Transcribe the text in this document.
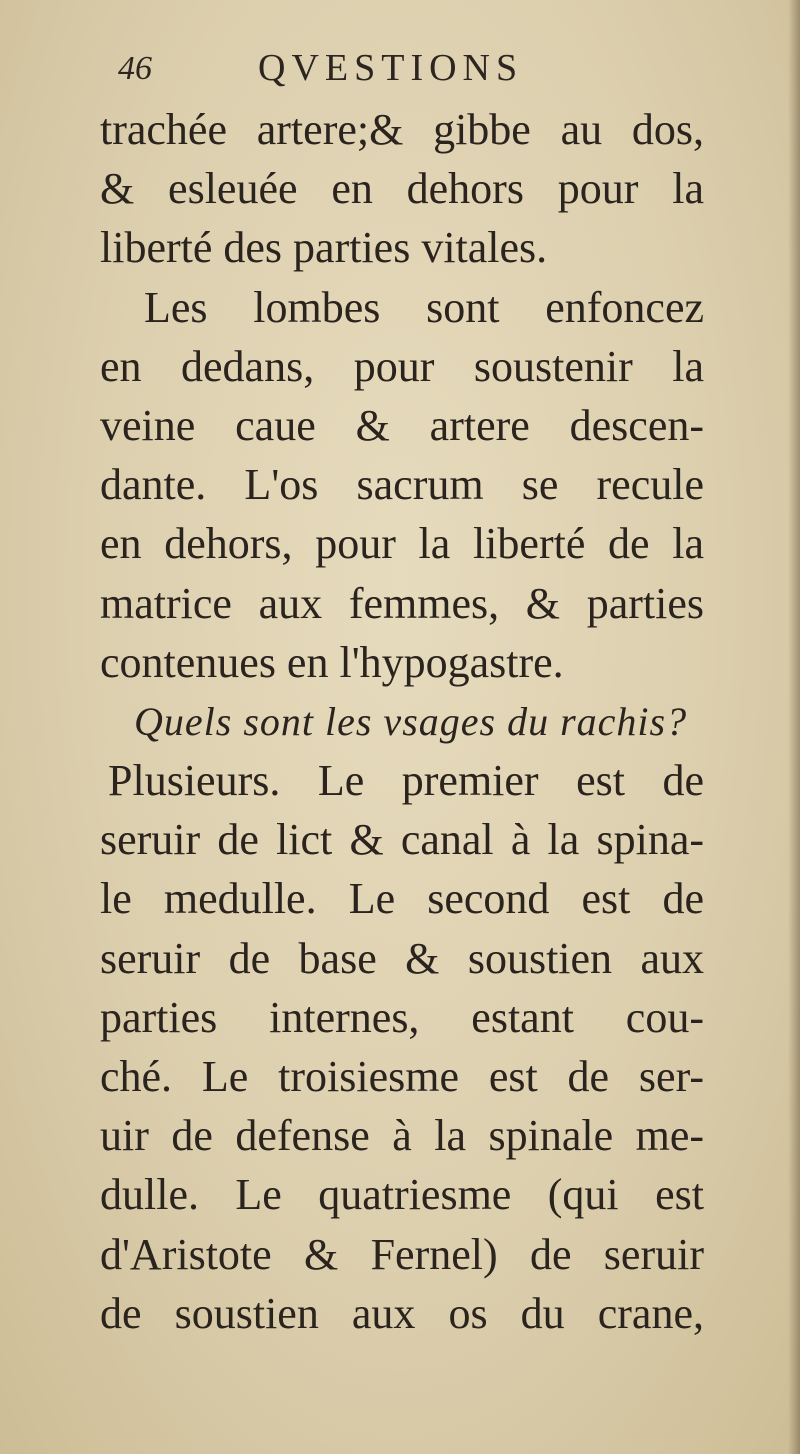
46	QVESTIONS
trachée artere;& gibbe au dos,
& esleuée en dehors pour la
liberté des parties vitales.
Les lombes sont enfoncez
en dedans, pour soustenir la
veine caue & artere descen-
dante. L'os sacrum se recule
en dehors, pour la liberté de la
matrice aux femmes, & parties
contenues en l'hypogastre.
Quels sont les vsages du rachis?
Plusieurs. Le premier est de
seruir de lict & canal à la spina-
le medulle. Le second est de
seruir de base & soustien aux
parties internes, estant cou-
ché. Le troisiesme est de ser-
uir de defense à la spinale me-
dulle. Le quatriesme (qui est
d'Aristote & Fernel) de seruir
de soustien aux os du crane,
